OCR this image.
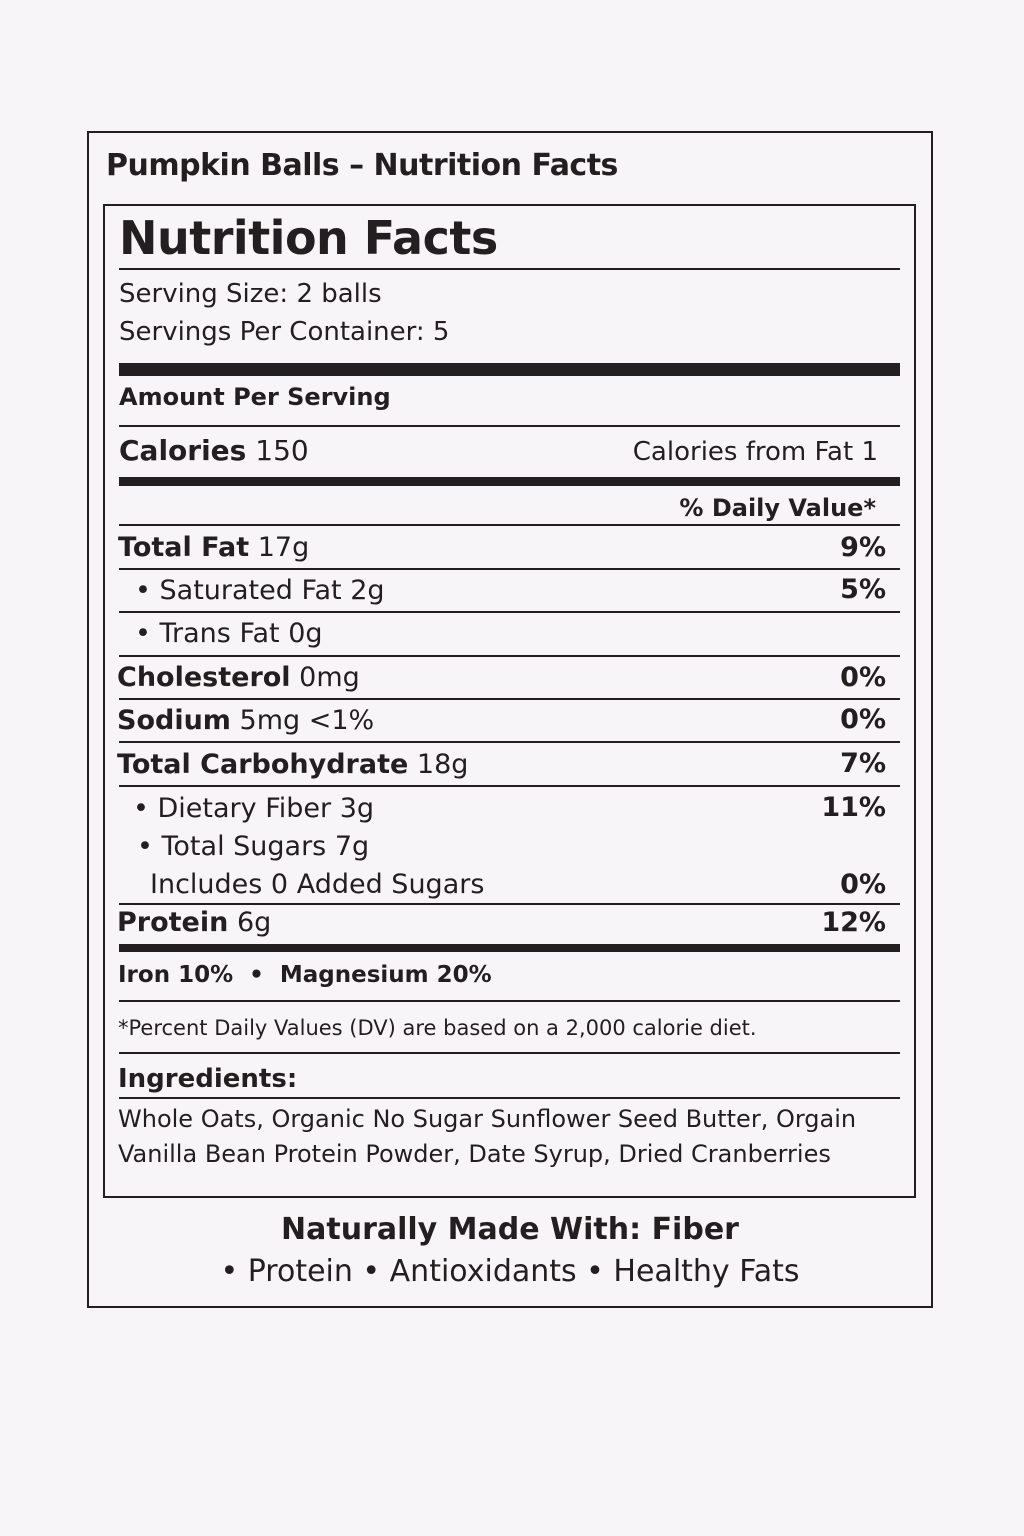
Pumpkin Balls – Nutrition Facts
Nutrition Facts
Serving Size: 2 balls
Servings Per Container: 5
Amount Per Serving
Calories 150	Calories from Fat 1
% Daily Value*
Total Fat 17g	9%
• Saturated Fat 2g	5%
• Trans Fat 0g
Cholesterol 0mg	0%
Sodium 5mg <1%	0%
Total Carbohydrate 18g	7%
• Dietary Fiber 3g	11%
• Total Sugars 7g
Includes 0 Added Sugars	0%
Protein 6g	12%
Iron 10%  •  Magnesium 20%
*Percent Daily Values (DV) are based on a 2,000 calorie diet.
Ingredients:
Whole Oats, Organic No Sugar Sunflower Seed Butter, Orgain
Vanilla Bean Protein Powder, Date Syrup, Dried Cranberries
Naturally Made With: Fiber
• Protein • Antioxidants • Healthy Fats
